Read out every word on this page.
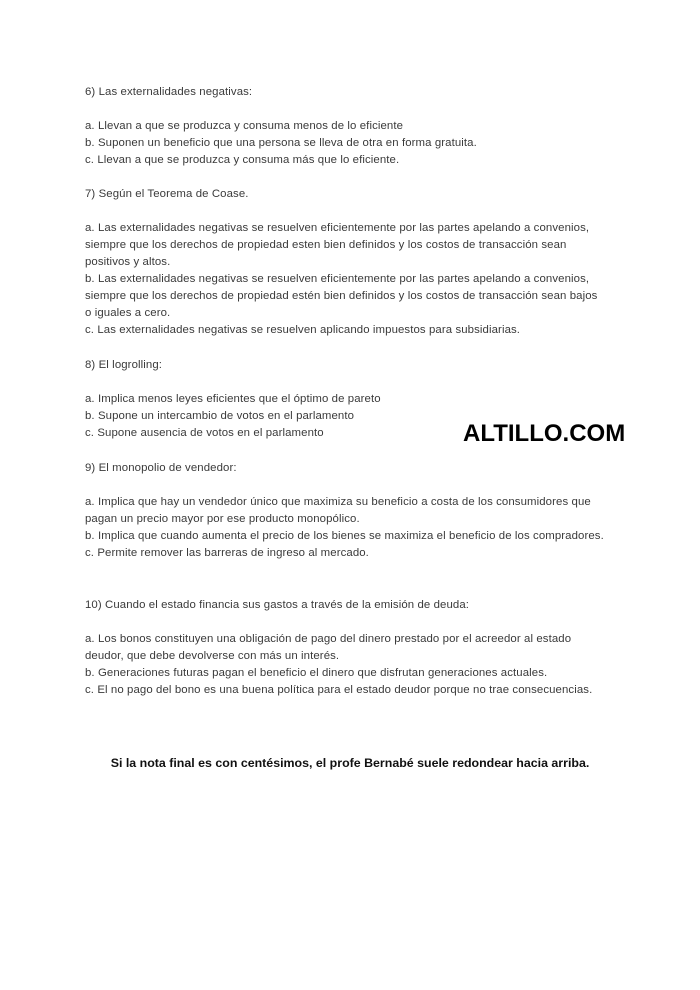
6) Las externalidades negativas:

a. Llevan a que se produzca y consuma menos de lo eficiente

b. Suponen un beneficio que una persona se lleva de otra en forma gratuita.

c. Llevan a que se produzca y consuma más que lo eficiente.

7) Según el Teorema de Coase.

a. Las externalidades negativas se resuelven eficientemente por las partes apelando a convenios, siempre que los derechos de propiedad esten bien definidos y los costos de transacción sean positivos y altos.

b. Las externalidades negativas se resuelven eficientemente por las partes apelando a convenios, siempre que los derechos de propiedad estén bien definidos y los costos de transacción sean bajos o iguales a cero.

c. Las externalidades negativas se resuelven aplicando impuestos para subsidiarias.

8) El logrolling:

a. Implica menos leyes eficientes que el óptimo de pareto

b. Supone un intercambio de votos en el parlamento

c. Supone ausencia de votos en el parlamento

9) El monopolio de vendedor:

a. Implica que hay un vendedor único que maximiza su beneficio a costa de los consumidores que pagan un precio mayor por ese producto monopólico.

b. Implica que cuando aumenta el precio de los bienes se maximiza el beneficio de los compradores.

c. Permite remover las barreras de ingreso al mercado.

10) Cuando el estado financia sus gastos a través de la emisión de deuda:

a. Los bonos constituyen una obligación de pago del dinero prestado por el acreedor al estado deudor, que debe devolverse con más un interés.

b. Generaciones futuras pagan el beneficio el dinero que disfrutan generaciones actuales.

c. El no pago del bono es una buena política para el estado deudor porque no trae consecuencias.

ALTILLO.COM
Si la nota final es con centésimos, el profe Bernabé suele redondear hacia arriba.
